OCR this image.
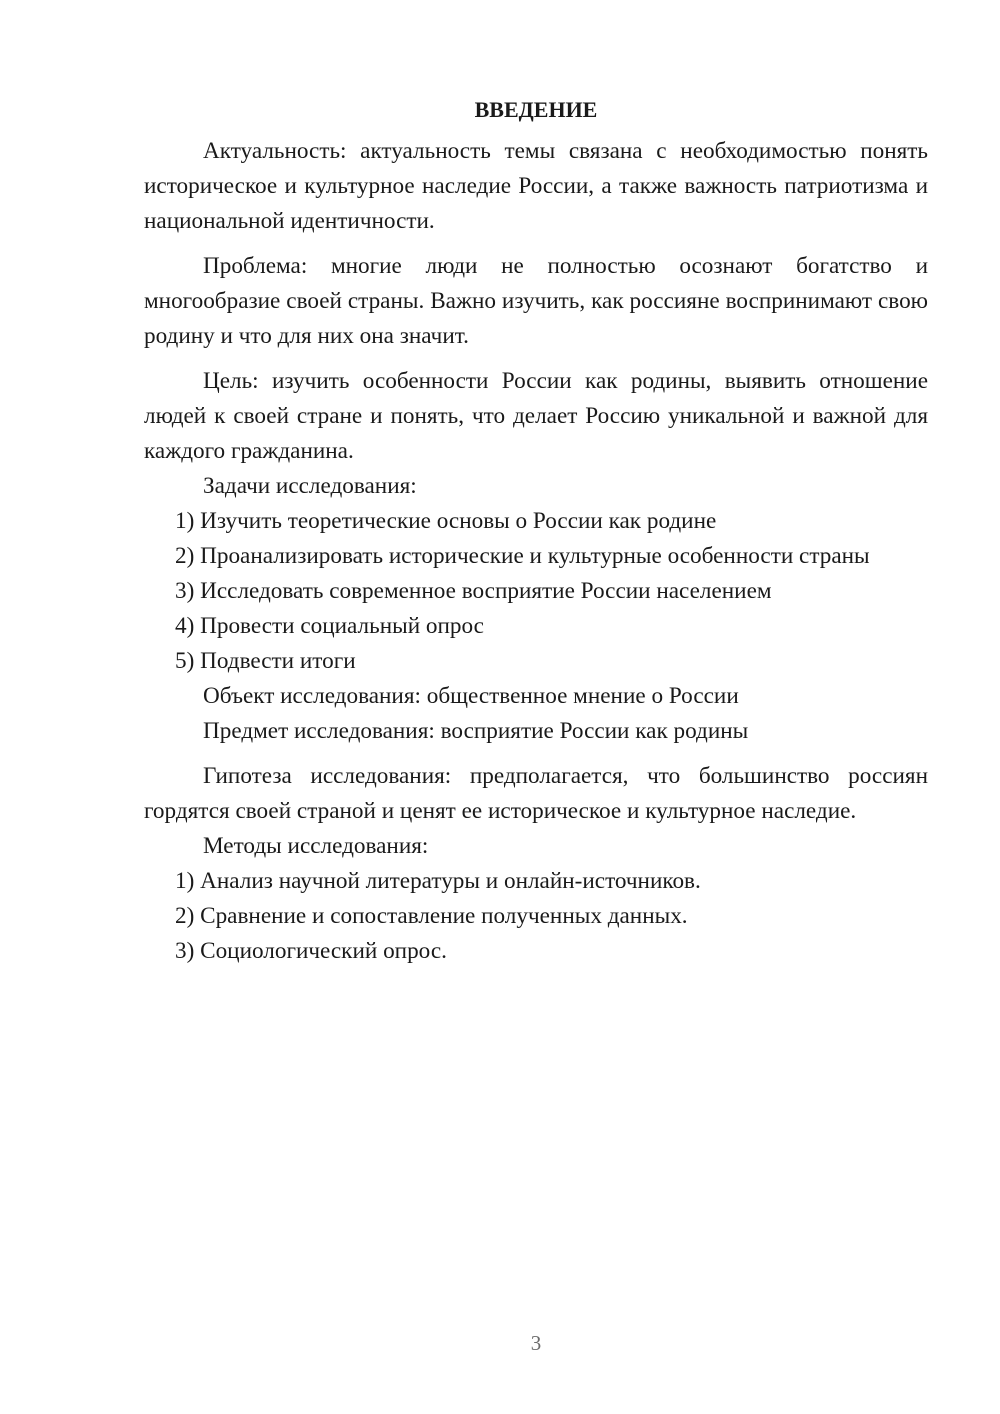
ВВЕДЕНИЕ

Актуальность: актуальность темы связана с необходимостью понять историческое и культурное наследие России, а также важность патриотизма и национальной идентичности.

Проблема: многие люди не полностью осознают богатство и многообразие своей страны. Важно изучить, как россияне воспринимают свою родину и что для них она значит.

Цель: изучить особенности России как родины, выявить отношение людей к своей стране и понять, что делает Россию уникальной и важной для каждого гражданина.

Задачи исследования:

1) Изучить теоретические основы о России как родине

2) Проанализировать исторические и культурные особенности страны

3) Исследовать современное восприятие России населением

4) Провести социальный опрос

5) Подвести итоги

Объект исследования: общественное мнение о России

Предмет исследования: восприятие России как родины

Гипотеза исследования: предполагается, что большинство россиян гордятся своей страной и ценят ее историческое и культурное наследие.

Методы исследования:

1) Анализ научной литературы и онлайн-источников.

2) Сравнение и сопоставление полученных данных.

3) Социологический опрос.

3
